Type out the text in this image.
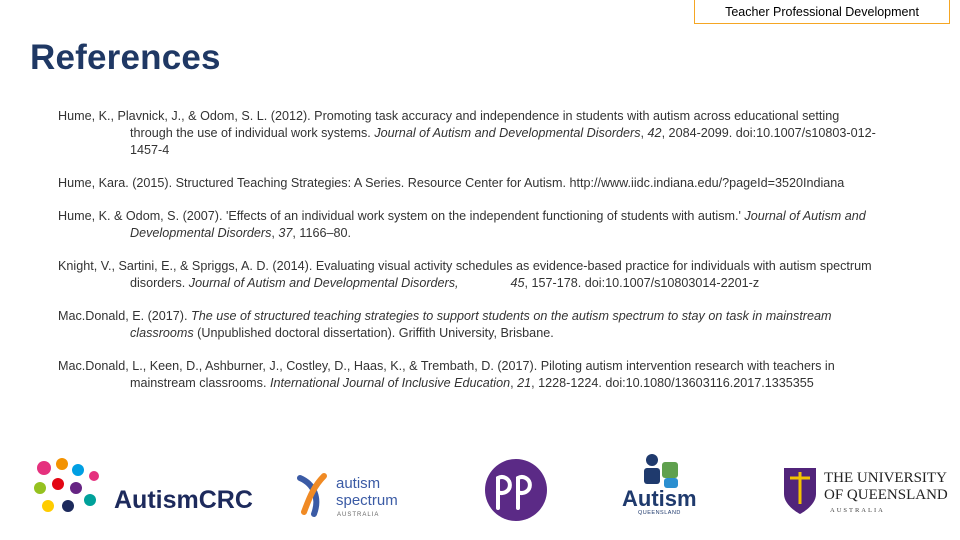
Teacher Professional Development
References

Hume, K., Plavnick, J., & Odom, S. L. (2012). Promoting task accuracy and independence in students with autism across educational setting through the use of individual work systems. Journal of Autism and Developmental Disorders, 42, 2084-2099. doi:10.1007/s10803-012-1457-4

Hume, Kara. (2015). Structured Teaching Strategies: A Series. Resource Center for Autism. http://www.iidc.indiana.edu/?pageId=3520Indiana

Hume, K. & Odom, S. (2007). 'Effects of an individual work system on the independent functioning of students with autism.' Journal of Autism and Developmental Disorders, 37, 1166–80.

Knight, V., Sartini, E., & Spriggs, A. D. (2014). Evaluating visual activity schedules as evidence-based practice for individuals with autism spectrum disorders. Journal of Autism and Developmental Disorders,	45, 157-178. doi:10.1007/s10803014-2201-z

Mac.Donald, E. (2017). The use of structured teaching strategies to support students on the autism spectrum to stay on task in mainstream classrooms (Unpublished doctoral dissertation). Griffith University, Brisbane.

Mac.Donald, L., Keen, D., Ashburner, J., Costley, D., Haas, K., & Trembath, D. (2017). Piloting autism intervention research with teachers in mainstream classrooms. International Journal of Inclusive Education, 21, 1228-1224. doi:10.1080/13603116.2017.1335355

AutismCRC
autism
spectrum
AUSTRALIA
Autism
QUEENSLAND
THE UNIVERSITY
OF QUEENSLAND
AUSTRALIA
